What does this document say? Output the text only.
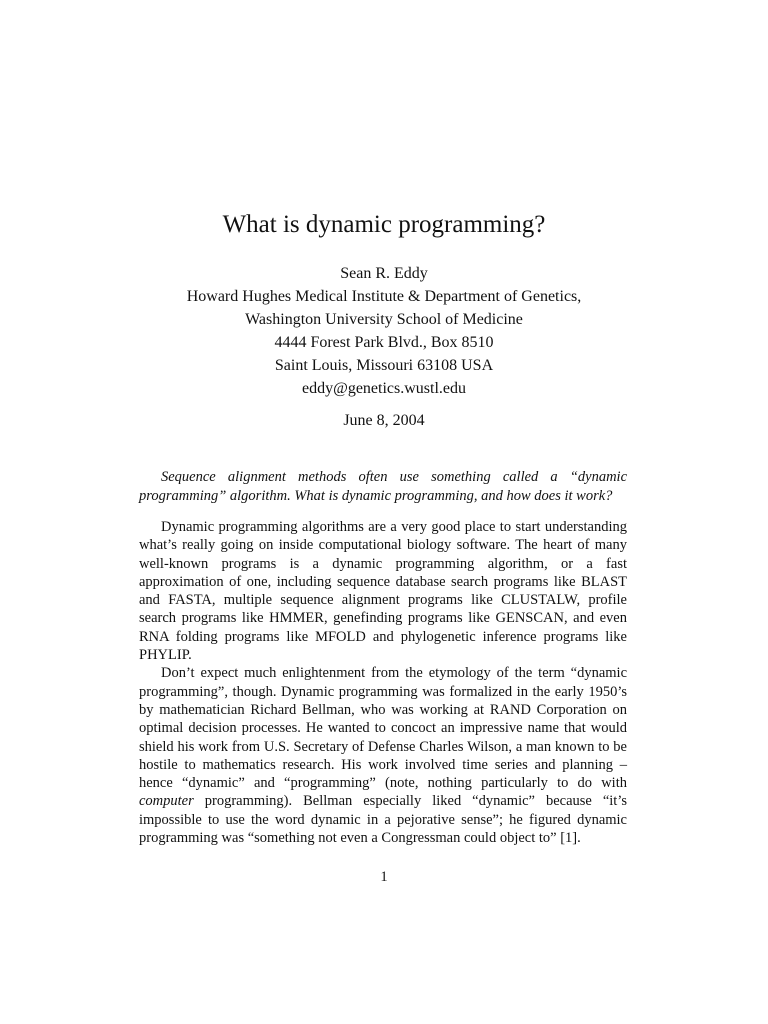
What is dynamic programming?
Sean R. Eddy
Howard Hughes Medical Institute & Department of Genetics,
Washington University School of Medicine
4444 Forest Park Blvd., Box 8510
Saint Louis, Missouri 63108 USA
eddy@genetics.wustl.edu
June 8, 2004

Sequence alignment methods often use something called a “dynamic programming” algorithm. What is dynamic programming, and how does it work?

Dynamic programming algorithms are a very good place to start understanding what’s really going on inside computational biology software. The heart of many well-known programs is a dynamic programming algorithm, or a fast approximation of one, including sequence database search programs like BLAST and FASTA, multiple sequence alignment programs like CLUSTALW, profile search programs like HMMER, genefinding programs like GENSCAN, and even RNA folding programs like MFOLD and phylogenetic inference programs like PHYLIP.

Don’t expect much enlightenment from the etymology of the term “dynamic programming”, though. Dynamic programming was formalized in the early 1950’s by mathematician Richard Bellman, who was working at RAND Corporation on optimal decision processes. He wanted to concoct an impressive name that would shield his work from U.S. Secretary of Defense Charles Wilson, a man known to be hostile to mathematics research. His work involved time series and planning – hence “dynamic” and “programming” (note, nothing particularly to do with computer programming). Bellman especially liked “dynamic” because “it’s impossible to use the word dynamic in a pejorative sense”; he figured dynamic programming was “something not even a Congressman could object to” [1].

1
